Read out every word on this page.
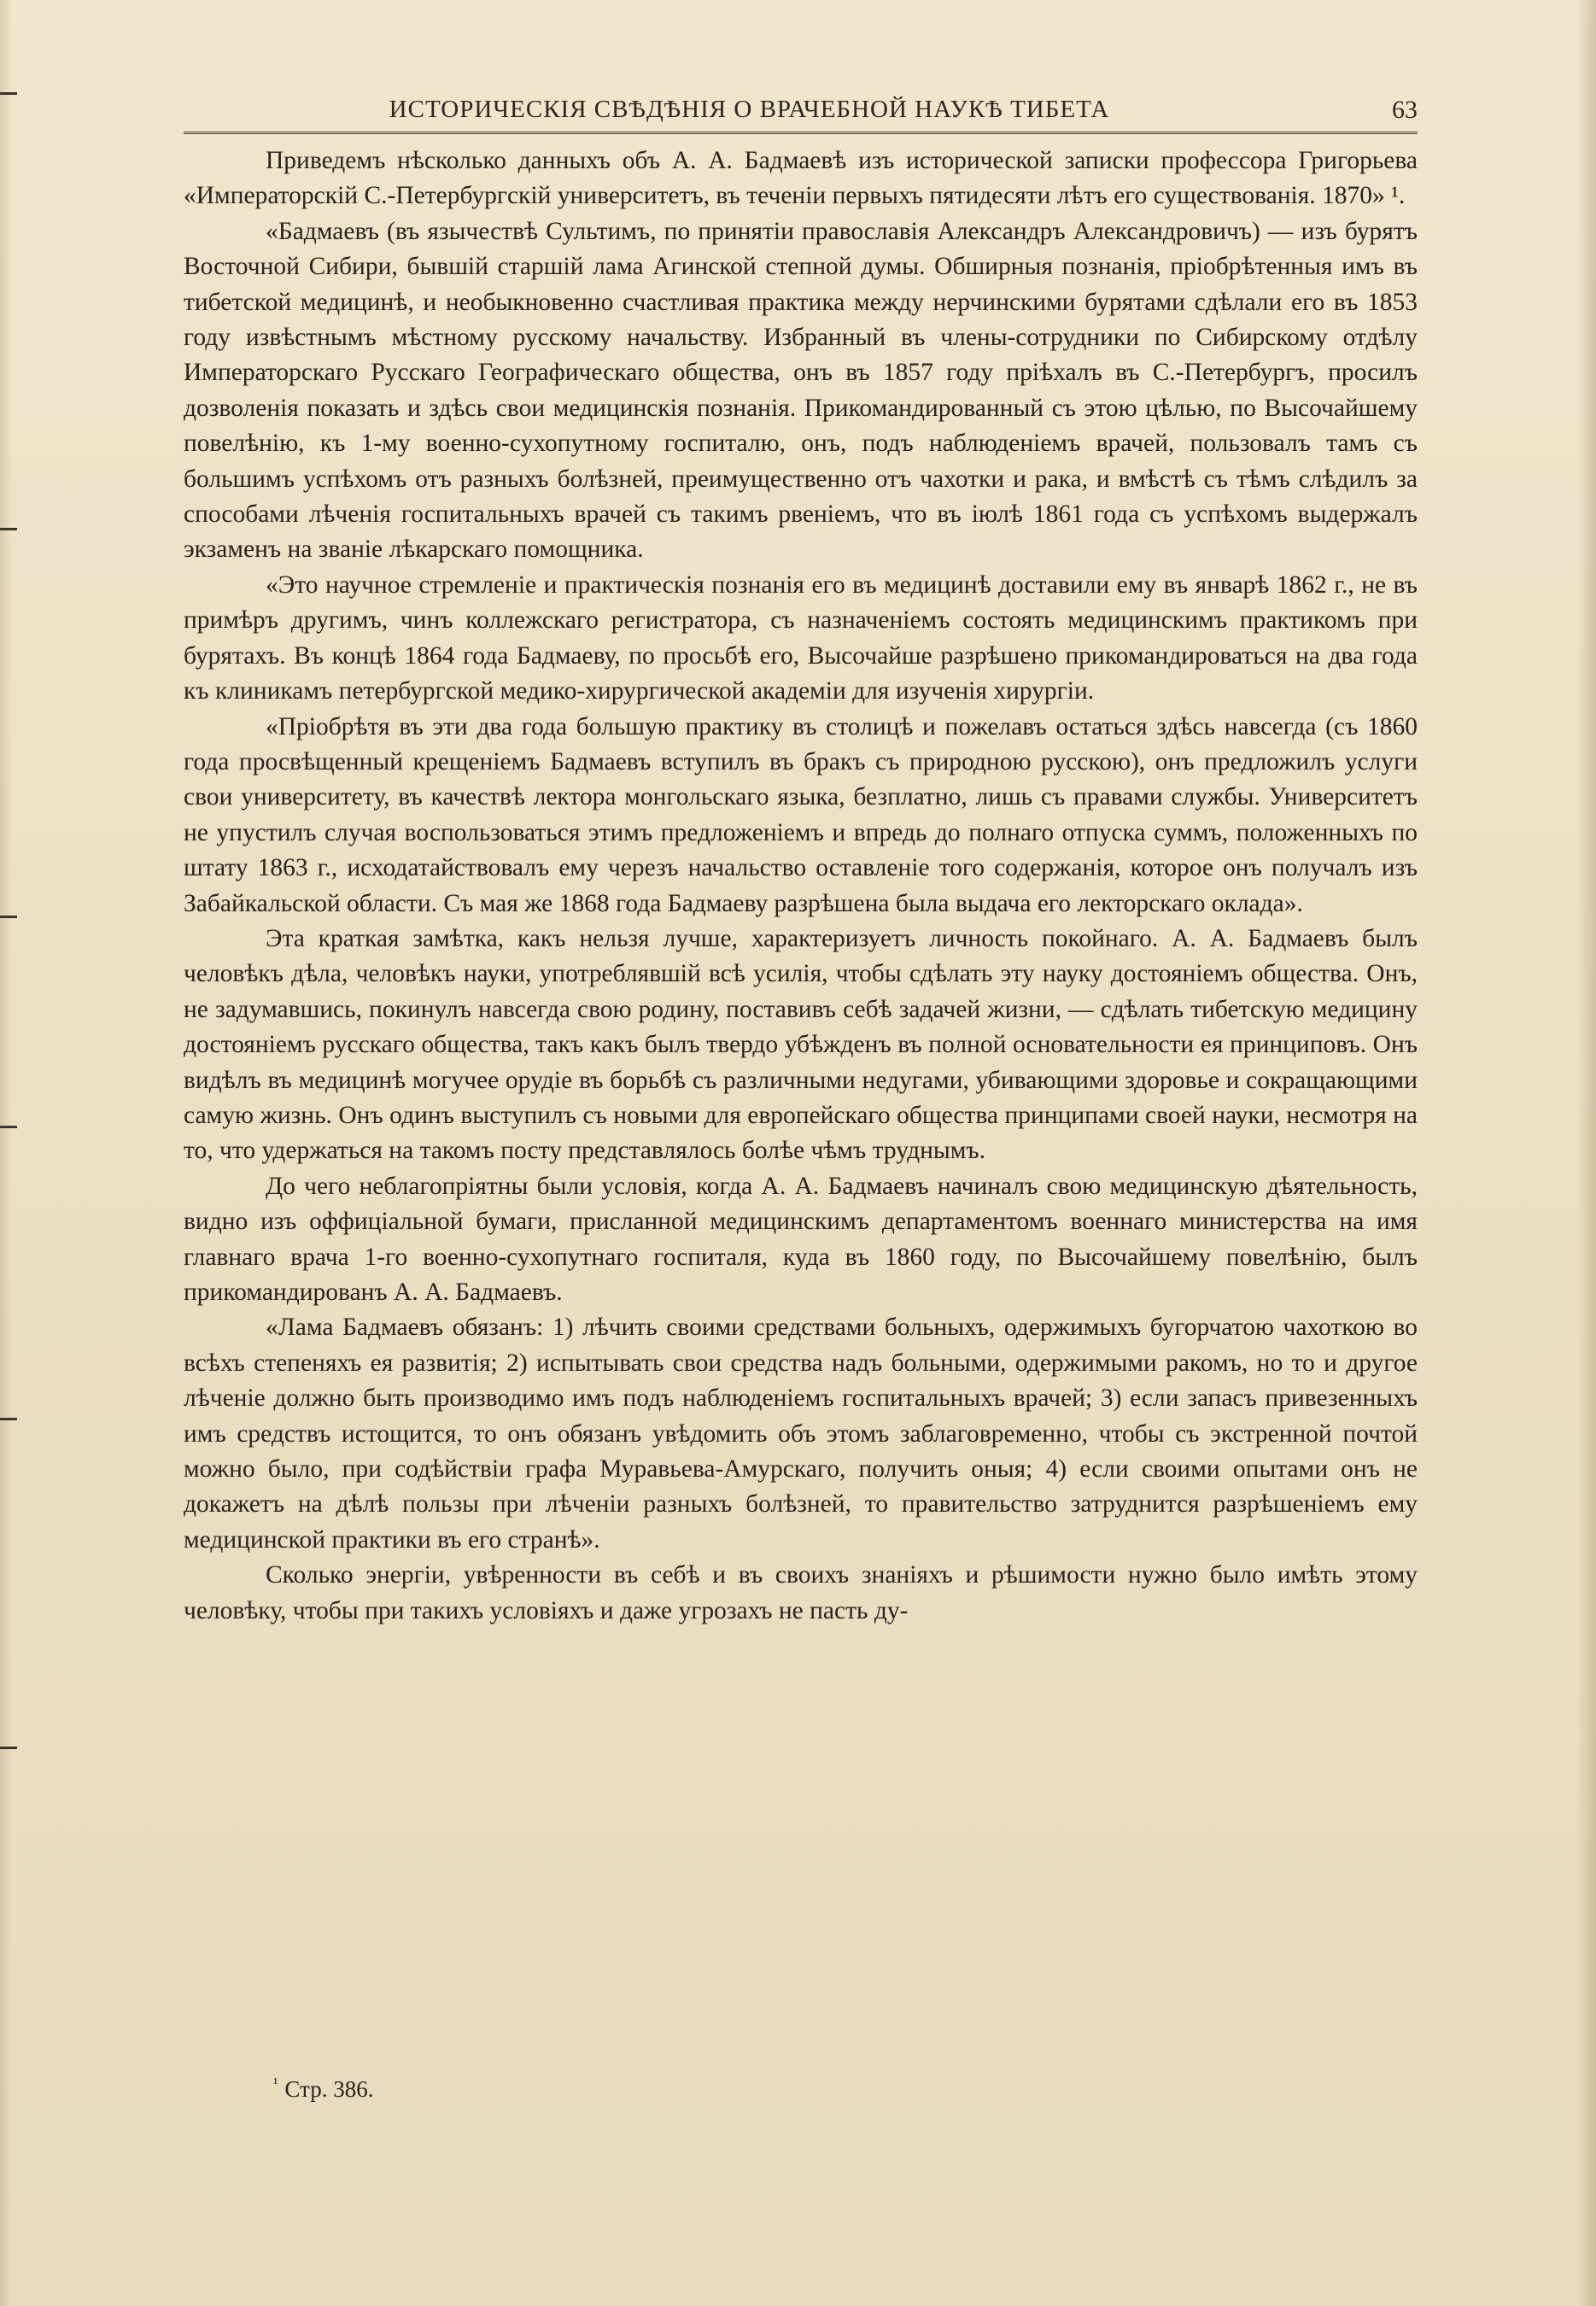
ИСТОРИЧЕСКІЯ СВѢДѢНІЯ О ВРАЧЕБНОЙ НАУКѢ ТИБЕТА	63

Приведемъ нѣсколько данныхъ объ А. А. Бадмаевѣ изъ исторической записки профессора Григорьева «Императорскій С.-Петербургскій университетъ, въ теченіи первыхъ пятидесяти лѣтъ его существованія. 1870» ¹.

«Бадмаевъ (въ язычествѣ Сультимъ, по принятіи православія Александръ Александровичъ) — изъ бурятъ Восточной Сибири, бывшій старшій лама Агинской степной думы. Обширныя познанія, пріобрѣтенныя имъ въ тибетской медицинѣ, и необыкновенно счастливая практика между нерчинскими бурятами сдѣлали его въ 1853 году извѣстнымъ мѣстному русскому начальству. Избранный въ члены-сотрудники по Сибирскому отдѣлу Императорскаго Русскаго Географическаго общества, онъ въ 1857 году пріѣхалъ въ С.-Петербургъ, просилъ дозволенія показать и здѣсь свои медицинскія познанія. Прикомандированный съ этою цѣлью, по Высочайшему повелѣнію, къ 1-му военно-сухопутному госпиталю, онъ, подъ наблюденіемъ врачей, пользовалъ тамъ съ большимъ успѣхомъ отъ разныхъ болѣзней, преимущественно отъ чахотки и рака, и вмѣстѣ съ тѣмъ слѣдилъ за способами лѣченія госпитальныхъ врачей съ такимъ рвеніемъ, что въ іюлѣ 1861 года съ успѣхомъ выдержалъ экзаменъ на званіе лѣкарскаго помощника.

«Это научное стремленіе и практическія познанія его въ медицинѣ доставили ему въ январѣ 1862 г., не въ примѣръ другимъ, чинъ коллежскаго регистратора, съ назначеніемъ состоять медицинскимъ практикомъ при бурятахъ. Въ концѣ 1864 года Бадмаеву, по просьбѣ его, Высочайше разрѣшено прикомандироваться на два года къ клиникамъ петербургской медико-хирургической академіи для изученія хирургіи.

«Пріобрѣтя въ эти два года большую практику въ столицѣ и пожелавъ остаться здѣсь навсегда (съ 1860 года просвѣщенный крещеніемъ Бадмаевъ вступилъ въ бракъ съ природною русскою), онъ предложилъ услуги свои университету, въ качествѣ лектора монгольскаго языка, безплатно, лишь съ правами службы. Университетъ не упустилъ случая воспользоваться этимъ предложеніемъ и впредь до полнаго отпуска суммъ, положенныхъ по штату 1863 г., исходатайствовалъ ему черезъ начальство оставленіе того содержанія, которое онъ получалъ изъ Забайкальской области. Съ мая же 1868 года Бадмаеву разрѣшена была выдача его лекторскаго оклада».

Эта краткая замѣтка, какъ нельзя лучше, характеризуетъ личность покойнаго. А. А. Бадмаевъ былъ человѣкъ дѣла, человѣкъ науки, употреблявшій всѣ усилія, чтобы сдѣлать эту науку достояніемъ общества. Онъ, не задумавшись, покинулъ навсегда свою родину, поставивъ себѣ задачей жизни, — сдѣлать тибетскую медицину достояніемъ русскаго общества, такъ какъ былъ твердо убѣжденъ въ полной основательности ея принциповъ. Онъ видѣлъ въ медицинѣ могучее орудіе въ борьбѣ съ различными недугами, убивающими здоровье и сокращающими самую жизнь. Онъ одинъ выступилъ съ новыми для европейскаго общества принципами своей науки, несмотря на то, что удержаться на такомъ посту представлялось болѣе чѣмъ труднымъ.

До чего неблагопріятны были условія, когда А. А. Бадмаевъ начиналъ свою медицинскую дѣятельность, видно изъ оффиціальной бумаги, присланной медицинскимъ департаментомъ военнаго министерства на имя главнаго врача 1-го военно-сухопутнаго госпиталя, куда въ 1860 году, по Высочайшему повелѣнію, былъ прикомандированъ А. А. Бадмаевъ.

«Лама Бадмаевъ обязанъ: 1) лѣчить своими средствами больныхъ, одержимыхъ бугорчатою чахоткою во всѣхъ степеняхъ ея развитія; 2) испытывать свои средства надъ больными, одержимыми ракомъ, но то и другое лѣченіе должно быть производимо имъ подъ наблюденіемъ госпитальныхъ врачей; 3) если запасъ привезенныхъ имъ средствъ истощится, то онъ обязанъ увѣдомить объ этомъ заблаговременно, чтобы съ экстренной почтой можно было, при содѣйствіи графа Муравьева-Амурскаго, получить оныя; 4) если своими опытами онъ не докажетъ на дѣлѣ пользы при лѣченіи разныхъ болѣзней, то правительство затруднится разрѣшеніемъ ему медицинской практики въ его странѣ».

Сколько энергіи, увѣренности въ себѣ и въ своихъ знаніяхъ и рѣшимости нужно было имѣть этому человѣку, чтобы при такихъ условіяхъ и даже угрозахъ не пасть ду-

$^{^1}$ Стр. 386.
